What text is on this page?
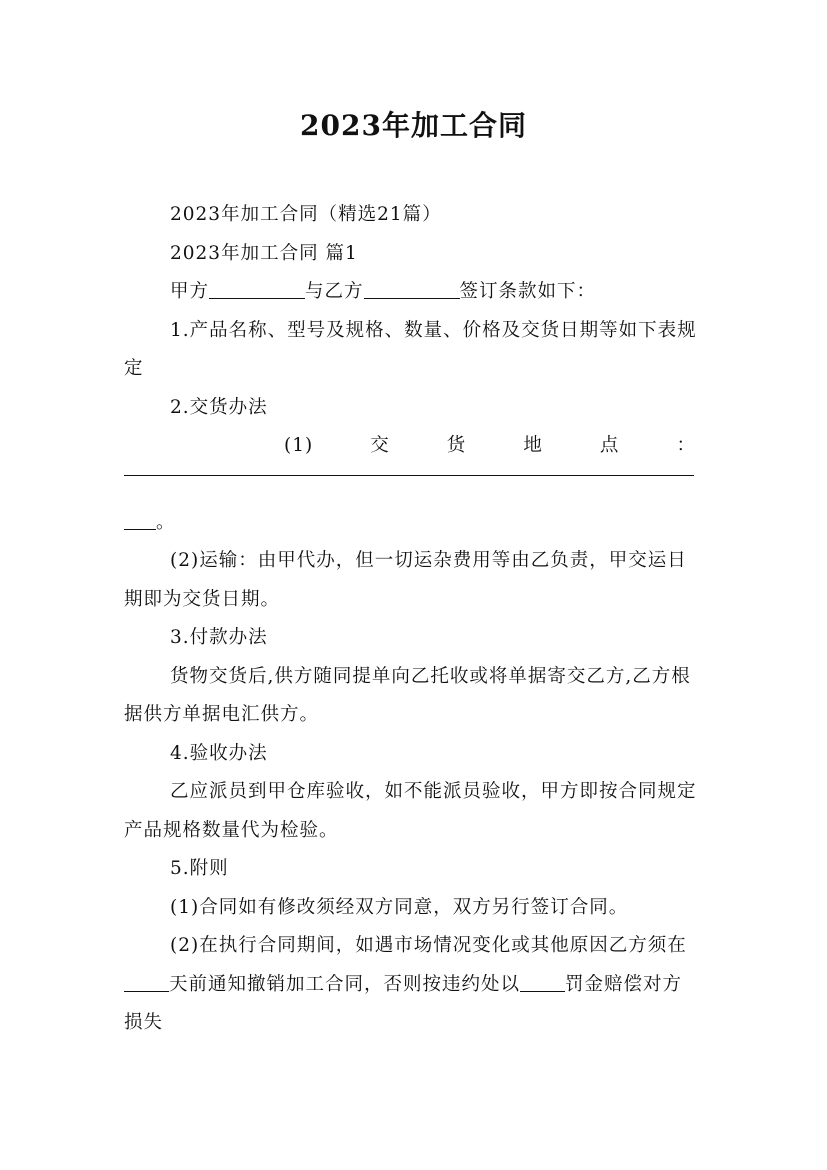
2023年加工合同

2023年加工合同（精选21篇）

2023年加工合同 篇1

甲方	与乙方	签订条款如下：

1.产品名称、型号及规格、数量、价格及交货日期等如下表规定

2.交货办法

(1)	交	货	地	点	：

。

(2)运输：由甲代办，但一切运杂费用等由乙负责，甲交运日期即为交货日期。

3.付款办法

货物交货后,供方随同提单向乙托收或将单据寄交乙方,乙方根据供方单据电汇供方。

4.验收办法

乙应派员到甲仓库验收，如不能派员验收，甲方即按合同规定产品规格数量代为检验。

5.附则

(1)合同如有修改须经双方同意，双方另行签订合同。

(2)在执行合同期间，如遇市场情况变化或其他原因乙方须在天前通知撤销加工合同，否则按违约处以 罚金赔偿对方损失
